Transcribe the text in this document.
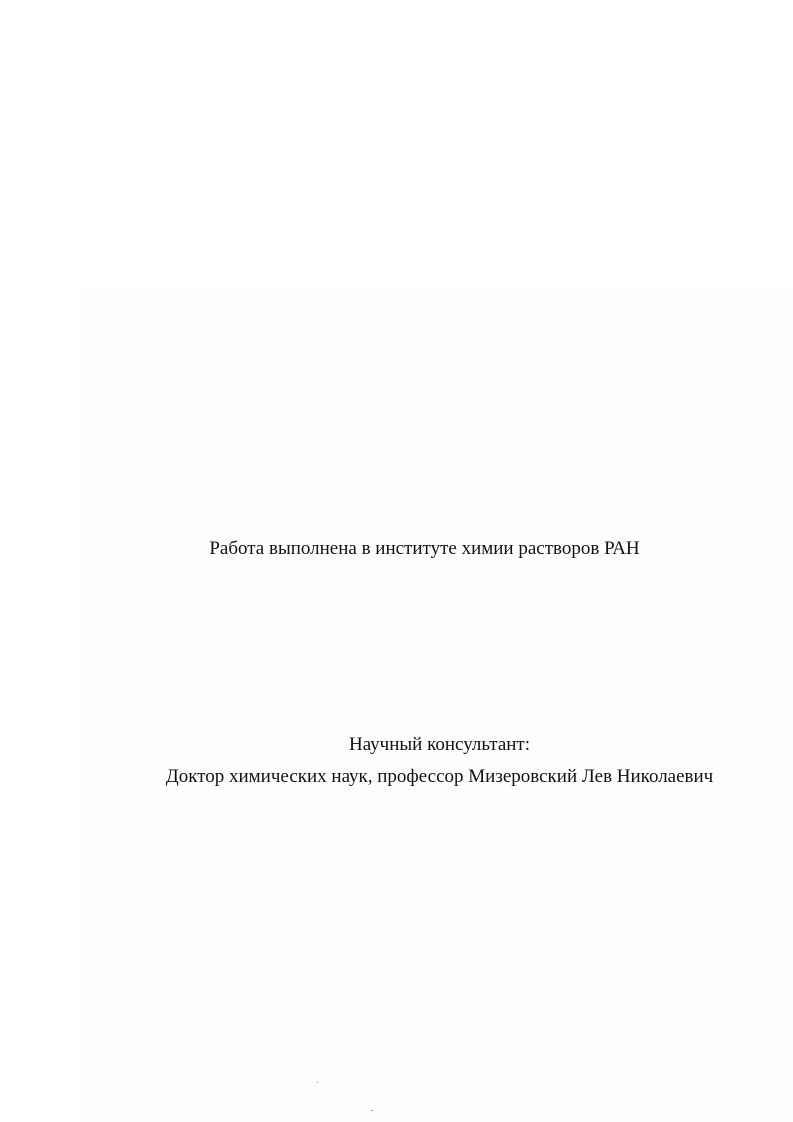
Работа выполнена в институте химии растворов РАН
Научный консультант:
Доктор химических наук, профессор Мизеровский Лев Николаевич
